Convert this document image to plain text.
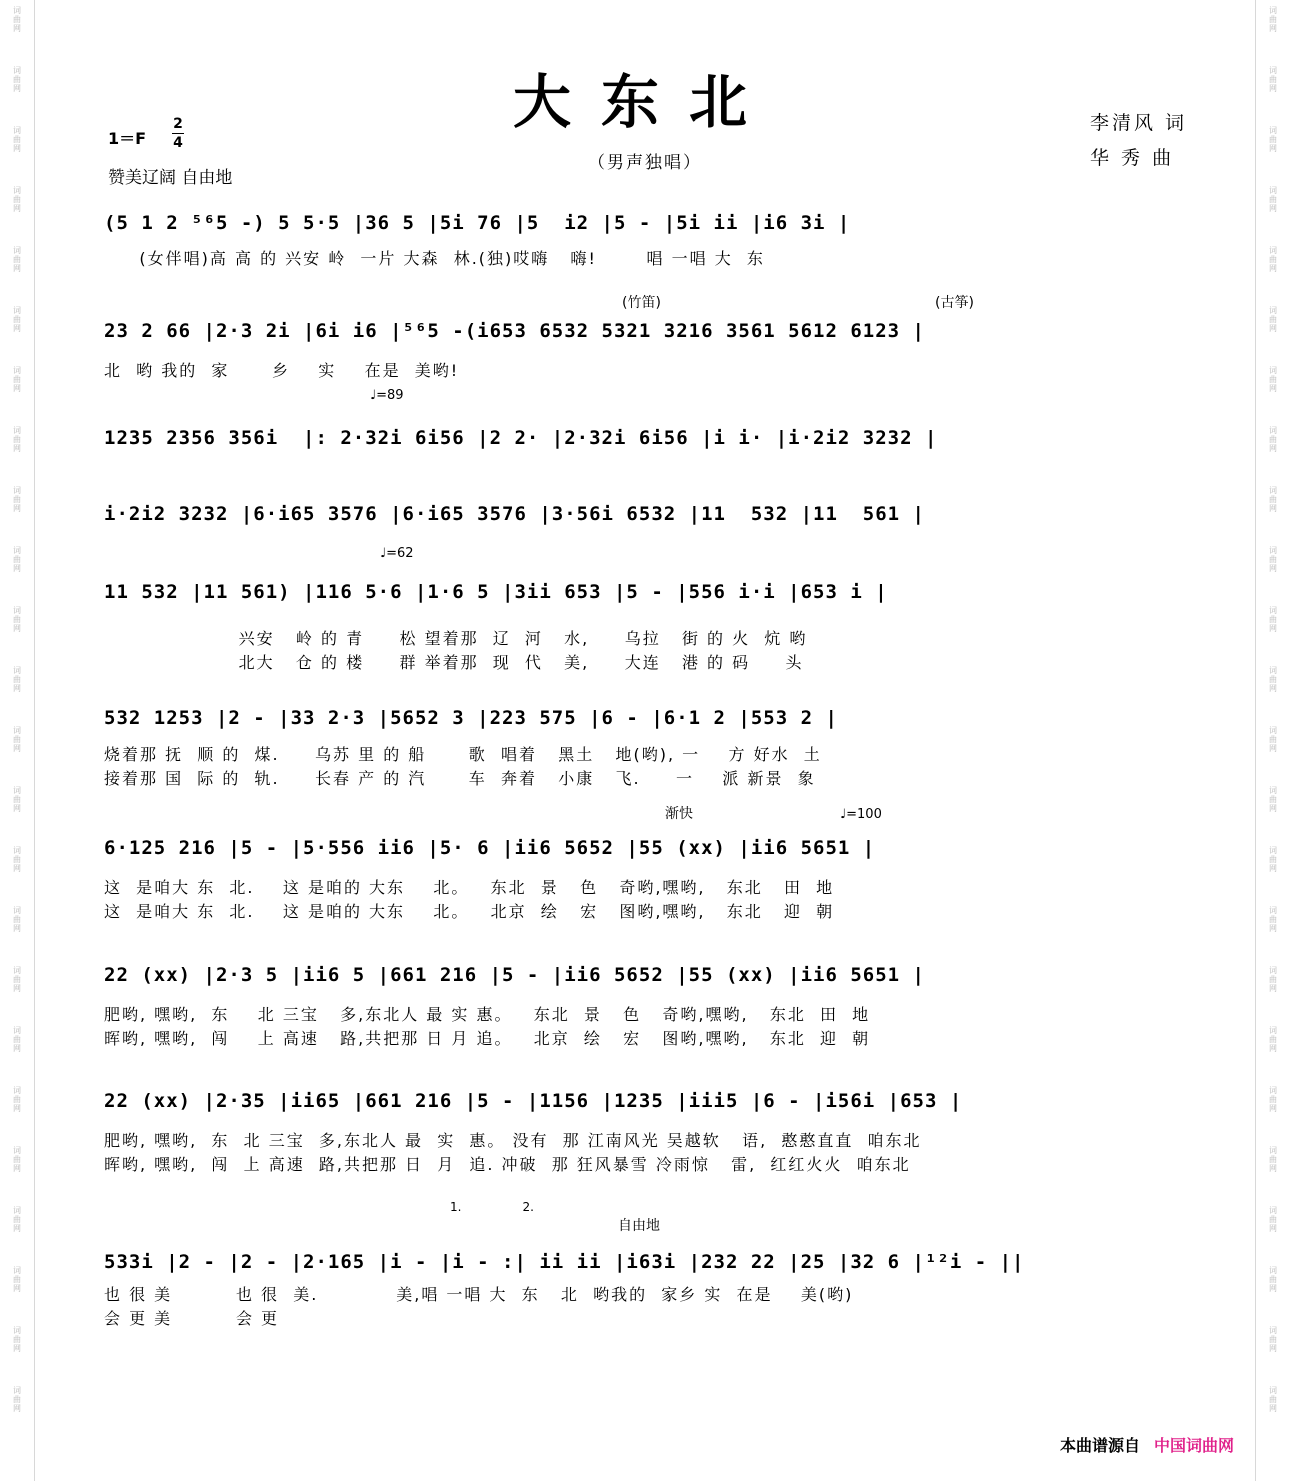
词
曲
网
词
曲
网
词
曲
网
词
曲
网
词
曲
网
词
曲
网
词
曲
网
词
曲
网
词
曲
网
词
曲
网
词
曲
网
词
曲
网
词
曲
网
词
曲
网
词
曲
网
词
曲
网
词
曲
网
词
曲
网
词
曲
网
词
曲
网
词
曲
网
词
曲
网
词
曲
网
词
曲
网
词
曲
网
词
曲
网
词
曲
网
词
曲
网
词
曲
网
词
曲
网
词
曲
网
词
曲
网
词
曲
网
词
曲
网
词
曲
网
词
曲
网
词
曲
网
词
曲
网
词
曲
网
词
曲
网
词
曲
网
词
曲
网
词
曲
网
词
曲
网
词
曲
网
词
曲
网
词
曲
网
词
曲
网
大东北
（男声独唱）
李清风 词
华 秀 曲
1＝F
2
4
赞美辽阔 自由地
(竹笛)	(古筝)
渐快
自由地
1.                2.
♩=89
♩=62
♩=100
(5 1 2 ⁵⁶5 -) 5 5·5 |36 5 |5i 76 |5  i2 |5 - |5i ii |i6 3i |
(女伴唱)高 高 的 兴安 岭  一片 大森  林.(独)哎嗨   嗨!       唱 一唱 大  东
23 2 66 |2·3 2i |6i i6 |⁵⁶5 -(i653 6532 5321 3216 3561 5612 6123 |
北  哟 我的  家      乡    实    在是  美哟!
1235 2356 356i  |: 2·32i 6i56 |2 2· |2·32i 6i56 |i i· |i·2i2 3232 |
i·2i2 3232 |6·i65 3576 |6·i65 3576 |3·56i 6532 |11  532 |11  561 |
11 532 |11 561) |116 5·6 |1·6 5 |3ii 653 |5 - |556 i·i |653 i |
兴安   岭 的 青     松 望着那  辽  河   水,     乌拉   街 的 火  炕 哟
北大   仓 的 楼     群 举着那  现  代   美,     大连   港 的 码     头
532 1253 |2 - |33 2·3 |5652 3 |223 575 |6 - |6·1 2 |553 2 |
烧着那 抚  顺 的  煤.     乌苏 里 的 船      歌  唱着   黑土   地(哟), 一    方 好水  土
接着那 国  际 的  轨.     长春 产 的 汽      车  奔着   小康   飞.     一    派 新景  象
6·125 216 |5 - |5·556 ii6 |5· 6 |ii6 5652 |55 (xx) |ii6 5651 |
这  是咱大 东  北.    这 是咱的 大东    北。   东北  景   色   奇哟,嘿哟,   东北   田  地
这  是咱大 东  北.    这 是咱的 大东    北。   北京  绘   宏   图哟,嘿哟,   东北   迎  朝
22 (xx) |2·3 5 |ii6 5 |661 216 |5 - |ii6 5652 |55 (xx) |ii6 5651 |
肥哟, 嘿哟,  东    北 三宝   多,东北人 最 实 惠。   东北  景   色   奇哟,嘿哟,   东北  田  地
晖哟, 嘿哟,  闯    上 高速   路,共把那 日 月 追。   北京  绘   宏   图哟,嘿哟,   东北  迎  朝
22 (xx) |2·35 |ii65 |661 216 |5 - |1156 |1235 |iii5 |6 - |i56i |653 |
肥哟, 嘿哟,  东  北 三宝  多,东北人 最  实  惠。 没有  那 江南风光 吴越软   语,  憨憨直直  咱东北
晖哟, 嘿哟,  闯  上 高速  路,共把那 日  月  追. 冲破  那 狂风暴雪 冷雨惊   雷,  红红火火  咱东北
533i |2 - |2 - |2·165 |i - |i - :| ii ii |i63i |232 22 |25 |32 6 |¹²i - ||
也 很 美         也 很  美.           美,唱 一唱 大  东   北  哟我的  家乡 实  在是    美(哟)
会 更 美         会 更
本曲谱源自 中国词曲网
